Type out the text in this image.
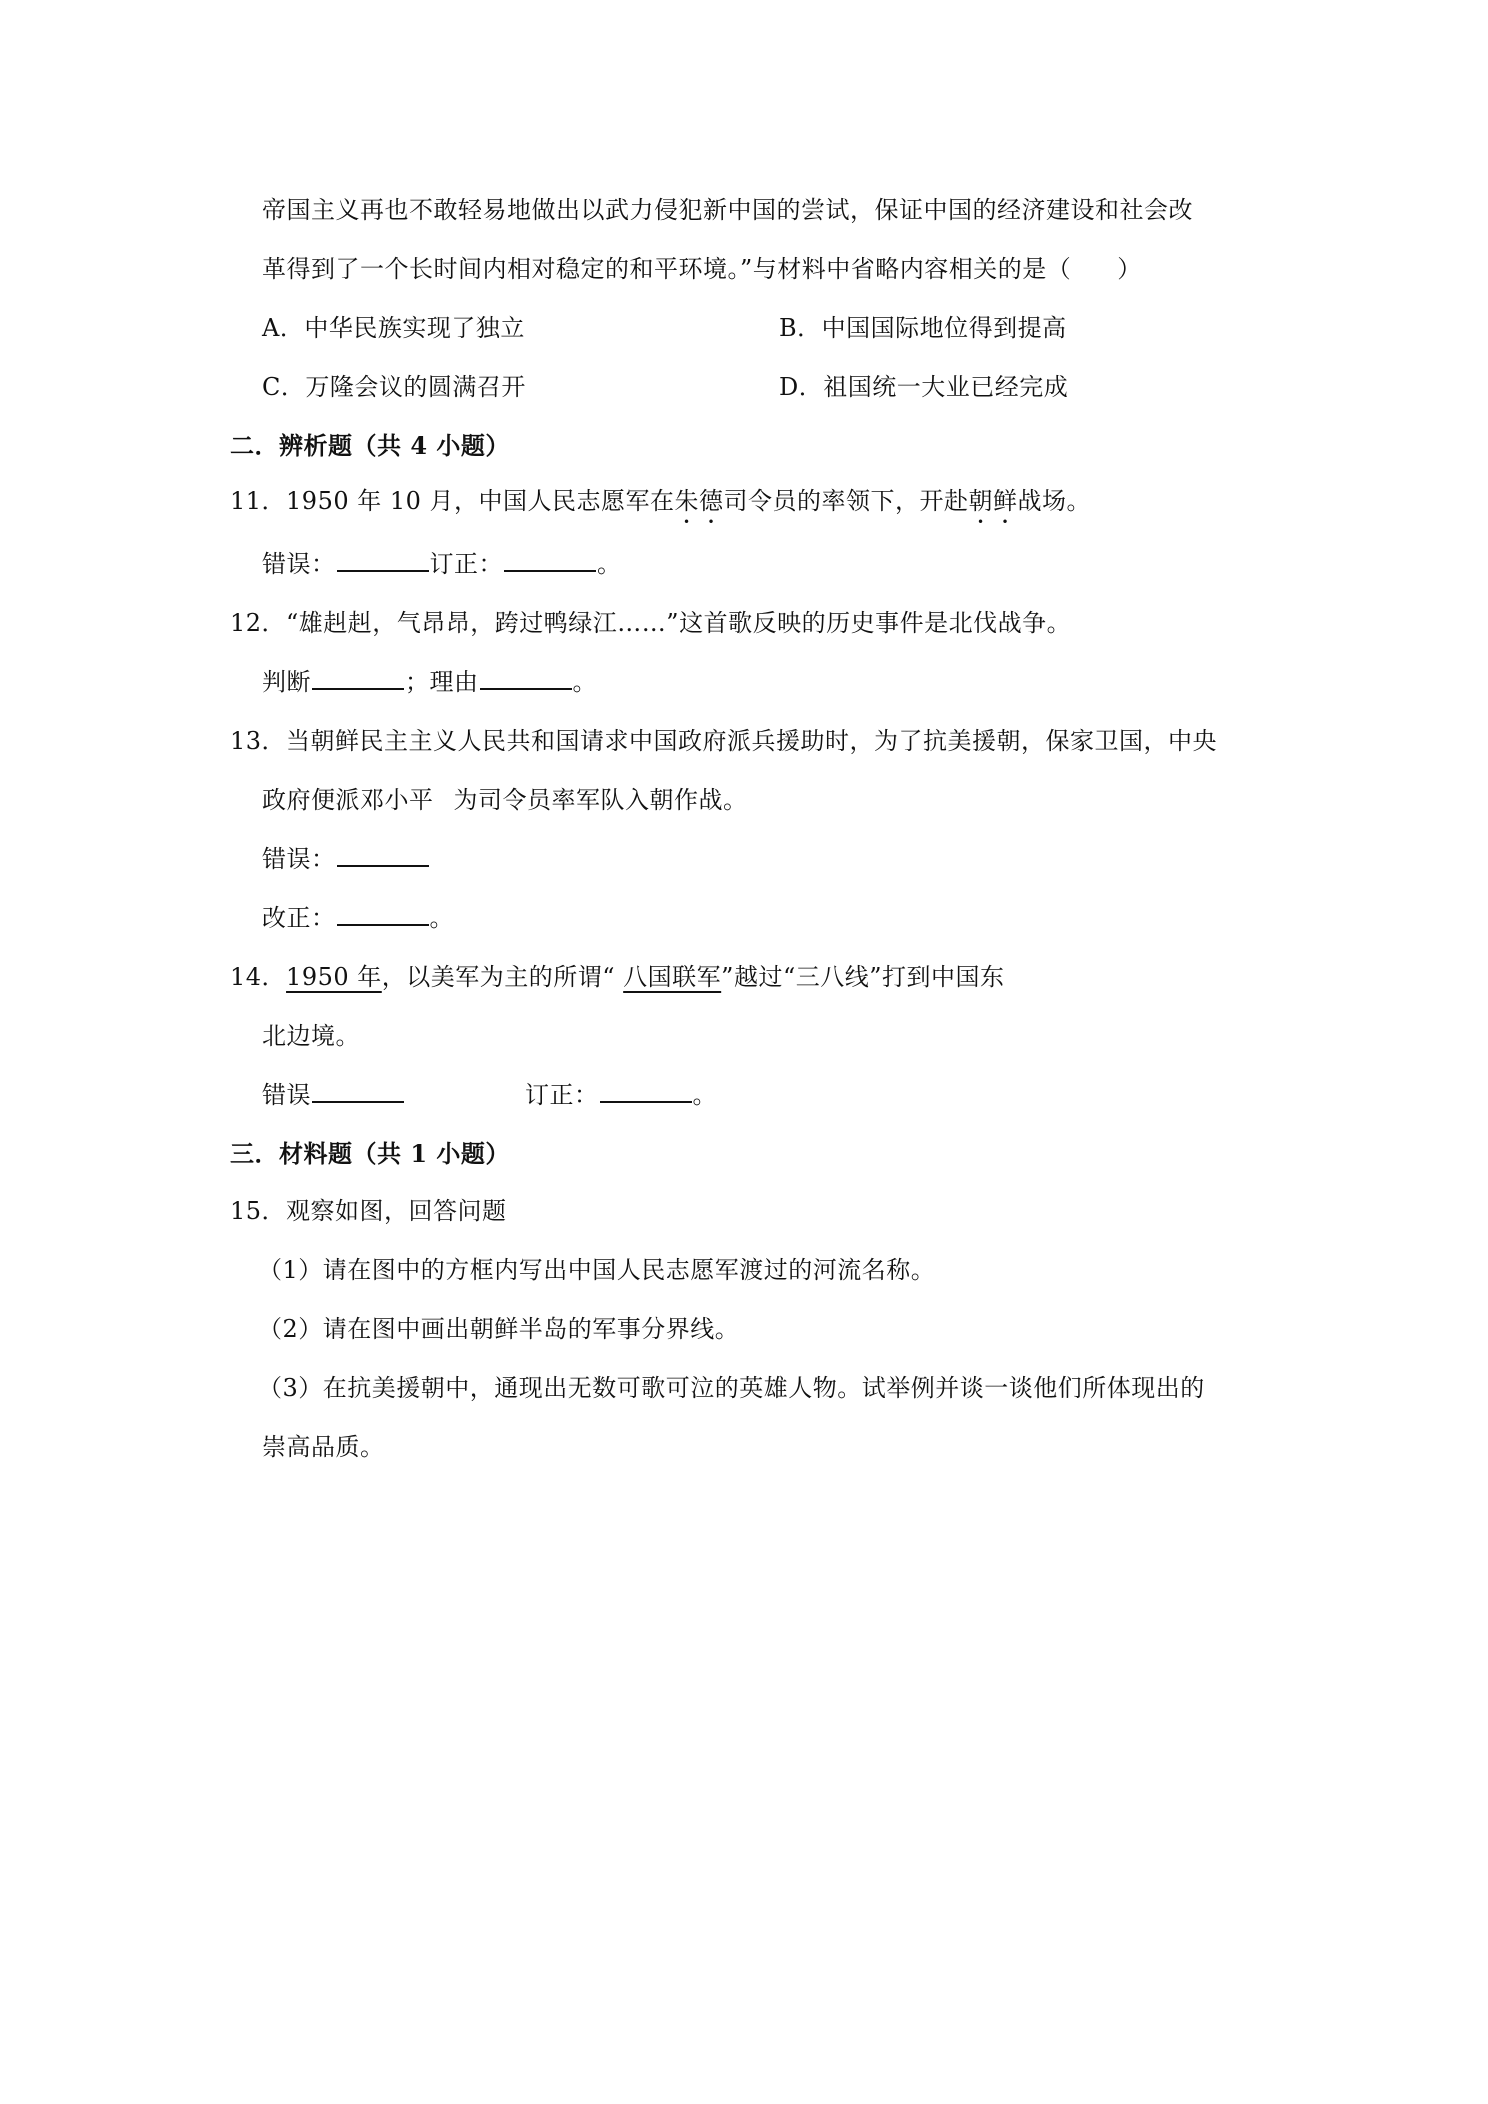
帝国主义再也不敢轻易地做出以武力侵犯新中国的尝试，保证中国的经济建设和社会改
革得到了一个长时间内相对稳定的和平环境。”与材料中省略内容相关的是（ ）
A．中华民族实现了独立	B．中国国际地位得到提高
C．万隆会议的圆满召开	D．祖国统一大业已经完成
二．辨析题（共 4 小题）
11．1950 年 10 月，中国人民志愿军在朱德司令员的率领下，开赴朝鲜战场。
错误：	订正：	。
12．“雄赳赳，气昂昂，跨过鸭绿江……”这首歌反映的历史事件是北伐战争。
判断	；理由	。
13．当朝鲜民主主义人民共和国请求中国政府派兵援助时，为了抗美援朝，保家卫国，中央
政府便派邓小平 为司令员率军队入朝作战。
错误：
改正：	。
14．1950 年，以美军为主的所谓“ 八国联军”越过“三八线”打到中国东
北边境。
错误	订正：	。
三．材料题（共 1 小题）
15．观察如图，回答问题
（1）请在图中的方框内写出中国人民志愿军渡过的河流名称。
（2）请在图中画出朝鲜半岛的军事分界线。
（3）在抗美援朝中，通现出无数可歌可泣的英雄人物。试举例并谈一谈他们所体现出的
崇高品质。
